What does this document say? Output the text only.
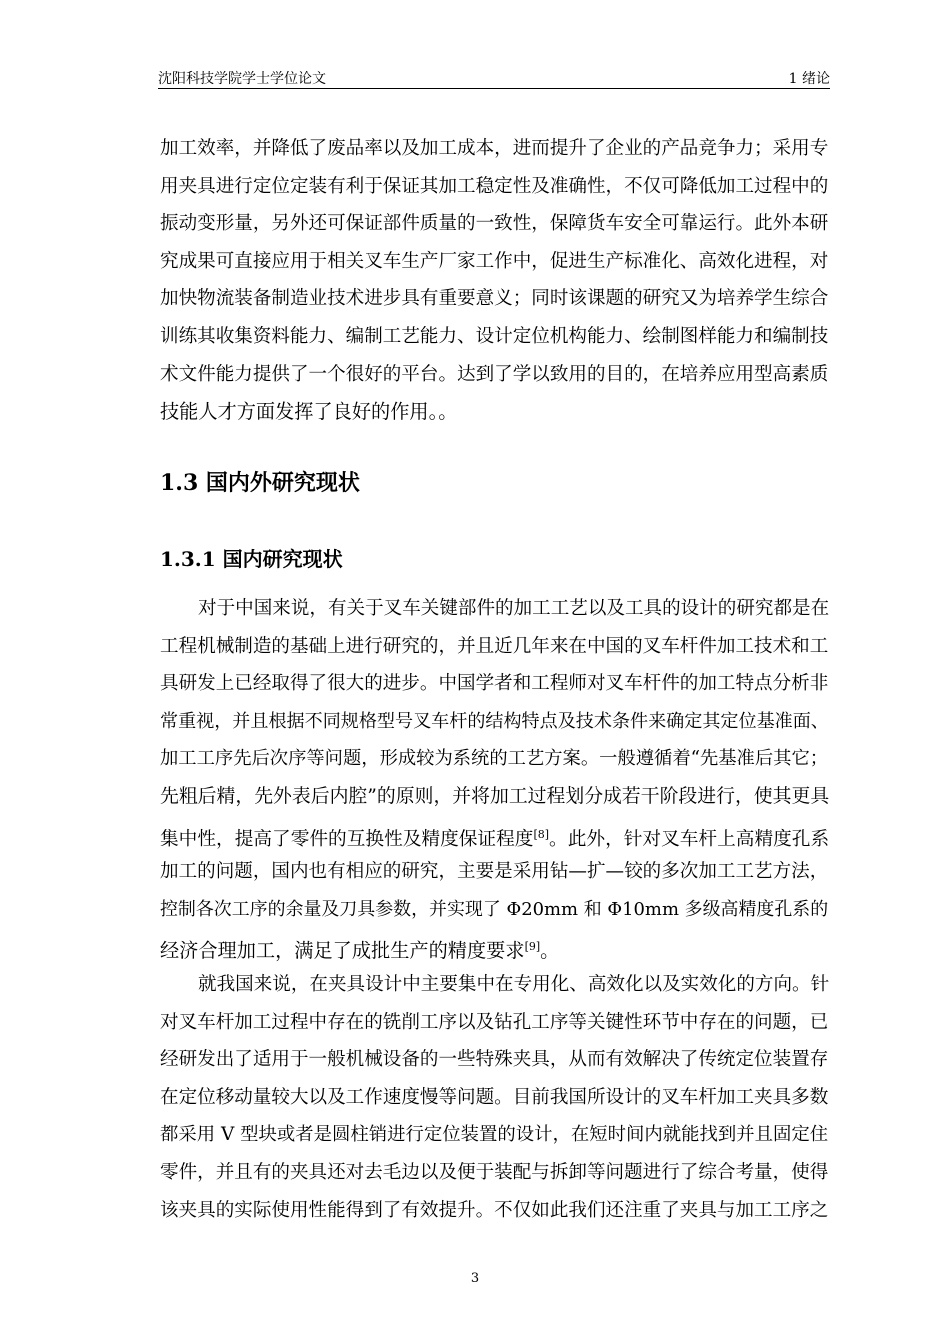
沈阳科技学院学士学位论文	1 绪论
加工效率，并降低了废品率以及加工成本，进而提升了企业的产品竞争力；采用专
用夹具进行定位定装有利于保证其加工稳定性及准确性，不仅可降低加工过程中的
振动变形量，另外还可保证部件质量的一致性，保障货车安全可靠运行。此外本研
究成果可直接应用于相关叉车生产厂家工作中，促进生产标准化、高效化进程，对
加快物流装备制造业技术进步具有重要意义；同时该课题的研究又为培养学生综合
训练其收集资料能力、编制工艺能力、设计定位机构能力、绘制图样能力和编制技
术文件能力提供了一个很好的平台。达到了学以致用的目的，在培养应用型高素质
技能人才方面发挥了良好的作用。。
1.3 国内外研究现状
1.3.1 国内研究现状
对于中国来说，有关于叉车关键部件的加工工艺以及工具的设计的研究都是在
工程机械制造的基础上进行研究的，并且近几年来在中国的叉车杆件加工技术和工
具研发上已经取得了很大的进步。中国学者和工程师对叉车杆件的加工特点分析非
常重视，并且根据不同规格型号叉车杆的结构特点及技术条件来确定其定位基准面、
加工工序先后次序等问题，形成较为系统的工艺方案。一般遵循着“先基准后其它；
先粗后精，先外表后内腔”的原则，并将加工过程划分成若干阶段进行，使其更具
集中性，提高了零件的互换性及精度保证程度[8]。此外，针对叉车杆上高精度孔系
加工的问题，国内也有相应的研究，主要是采用钻—扩—铰的多次加工工艺方法，
控制各次工序的余量及刀具参数，并实现了 Φ20mm 和 Φ10mm 多级高精度孔系的
经济合理加工，满足了成批生产的精度要求[9]。
就我国来说，在夹具设计中主要集中在专用化、高效化以及实效化的方向。针
对叉车杆加工过程中存在的铣削工序以及钻孔工序等关键性环节中存在的问题，已
经研发出了适用于一般机械设备的一些特殊夹具，从而有效解决了传统定位装置存
在定位移动量较大以及工作速度慢等问题。目前我国所设计的叉车杆加工夹具多数
都采用 V 型块或者是圆柱销进行定位装置的设计，在短时间内就能找到并且固定住
零件，并且有的夹具还对去毛边以及便于装配与拆卸等问题进行了综合考量，使得
该夹具的实际使用性能得到了有效提升。不仅如此我们还注重了夹具与加工工序之
3
